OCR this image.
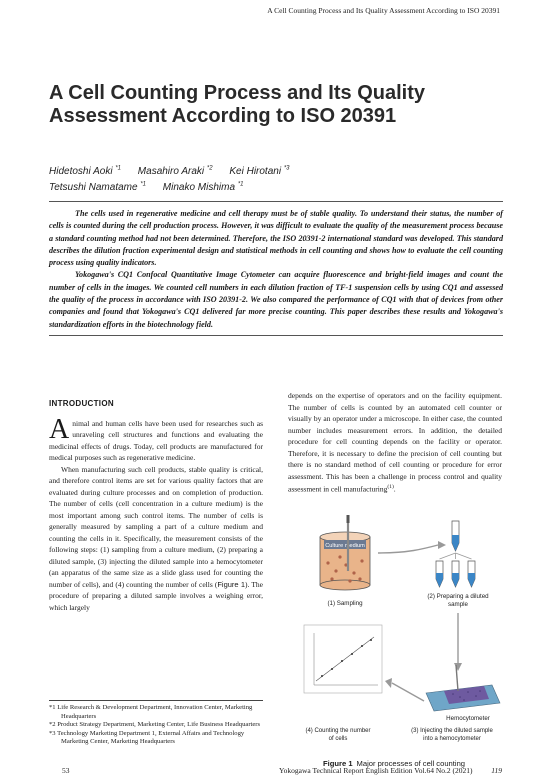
A Cell Counting Process and Its Quality Assessment According to ISO 20391
A Cell Counting Process and Its Quality Assessment According to ISO 20391
Hidetoshi Aoki $^{*1}$ Masahiro Araki $^{*2}$ Kei Hirotani $^{*3}$
Tetsushi Namatame $^{*1}$ Minako Mishima $^{*1}$

The cells used in regenerative medicine and cell therapy must be of stable quality. To understand their status, the number of cells is counted during the cell production process. However, it was difficult to evaluate the quality of the measurement process because a standard counting method had not been determined. Therefore, the ISO 20391-2 international standard was developed. This standard describes the dilution fraction experimental design and statistical methods in cell counting and shows how to evaluate the cell counting process using quality indicators.

Yokogawa's CQ1 Confocal Quantitative Image Cytometer can acquire fluorescence and bright-field images and count the number of cells in the images. We counted cell numbers in each dilution fraction of TF-1 suspension cells by using CQ1 and assessed the quality of the process in accordance with ISO 20391-2. We also compared the performance of CQ1 with that of devices from other companies and found that Yokogawa's CQ1 delivered far more precise counting. This paper describes these results and Yokogawa's standardization efforts in the biotechnology field.

INTRODUCTION

Animal and human cells have been used for researches such as unraveling cell structures and functions and evaluating the medicinal effects of drugs. Today, cell products are manufactured for medical purposes such as regenerative medicine.

When manufacturing such cell products, stable quality is critical, and therefore control items are set for various quality factors that are evaluated during culture processes and on completion of production. The number of cells (cell concentration in a culture medium) is the most important among such control items. The number of cells is generally measured by sampling a part of a culture medium and counting the cells in it. Specifically, the measurement consists of the following steps: (1) sampling from a culture medium, (2) preparing a diluted sample, (3) injecting the diluted sample into a hemocytometer (an apparatus of the same size as a slide glass used for counting the number of cells), and (4) counting the number of cells (Figure 1). The procedure of preparing a diluted sample involves a weighing error, which largely

depends on the expertise of operators and on the facility equipment. The number of cells is counted by an automated cell counter or visually by an operator under a microscope. In either case, the counted number includes measurement errors. In addition, the detailed procedure for cell counting depends on the facility or operator. Therefore, it is necessary to define the precision of cell counting but there is no standard method of cell counting or procedure for error assessment. This has been a challenge in process control and quality assessment in cell manufacturing$^{(1)}$.

*1 Life Research & Development Department, Innovation Center, Marketing Headquarters
*2 Product Strategy Department, Marketing Center, Life Business Headquarters
*3 Technology Marketing Department 1, External Affairs and Technology Marketing Center, Marketing Headquarters
Culture medium
(1) Sampling
(2) Preparing a diluted
sample
Hemocytometer
(4) Counting the number
of cells
(3) Injecting the diluted sample
into a hemocytometer
Figure 1 Major processes of cell counting
53	Yokogawa Technical Report English Edition Vol.64 No.2 (2021)	119
